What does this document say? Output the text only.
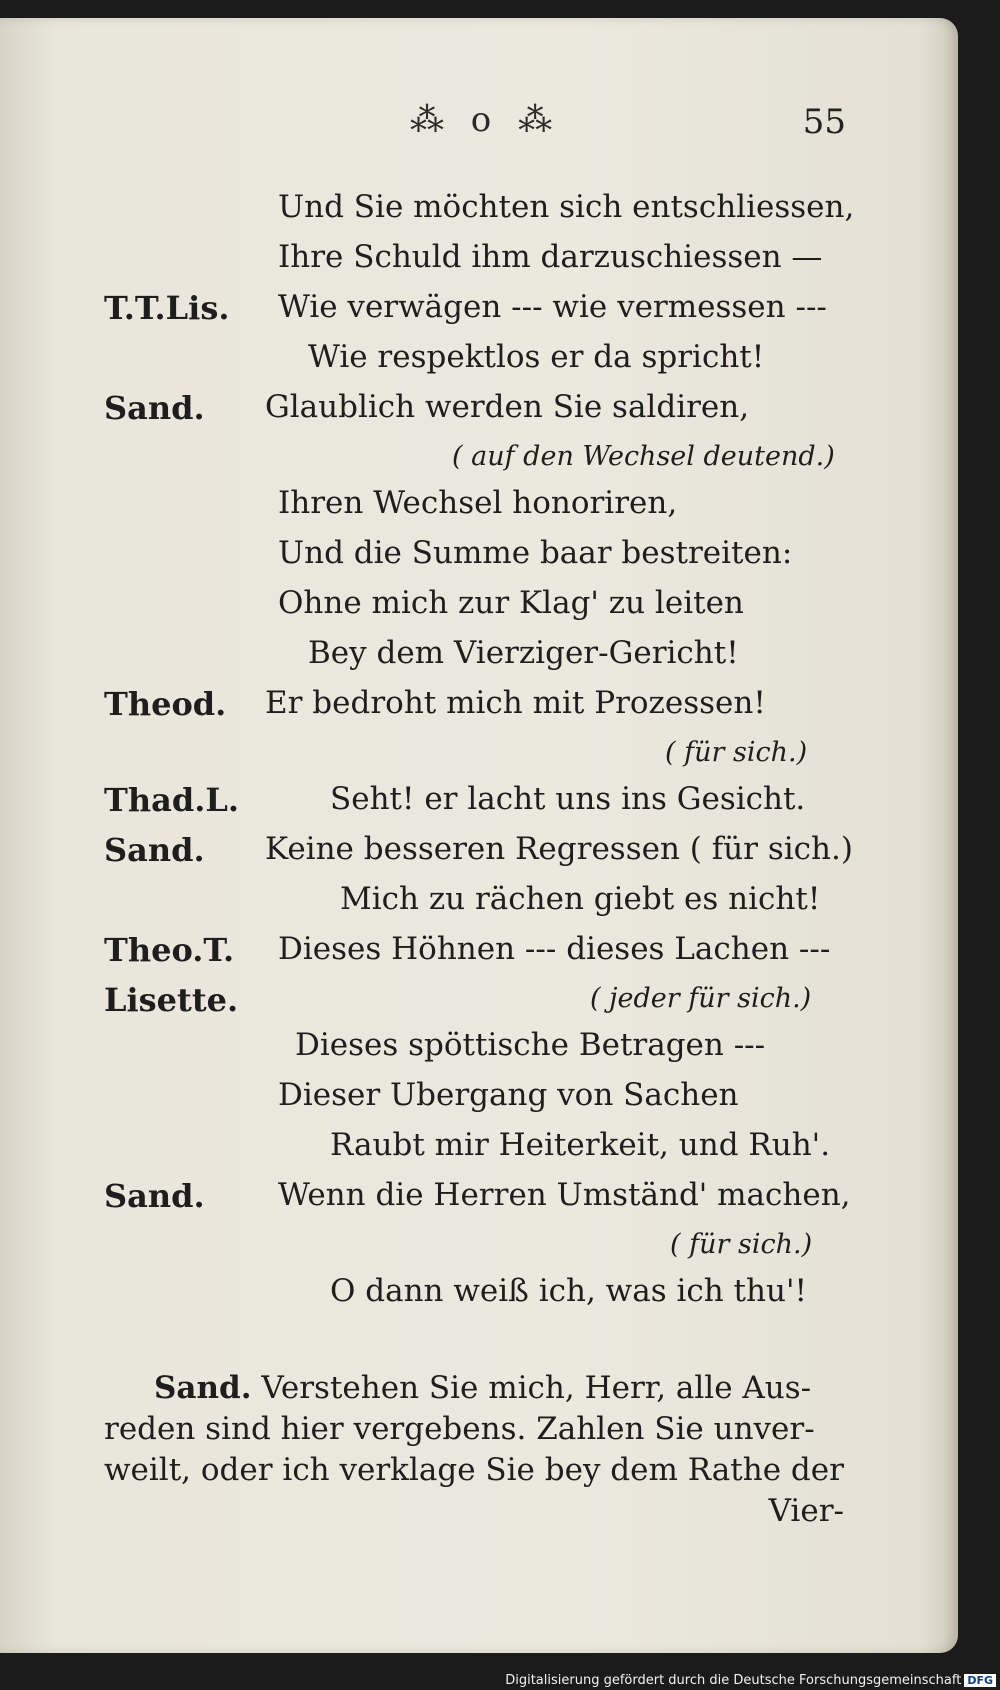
⁂ o ⁂	55
Und Sie möchten sich entschliessen,
Ihre Schuld ihm darzuschiessen —
T.T.Lis. Wie verwägen --- wie vermessen ---
Wie respektlos er da spricht!
Sand. Glaublich werden Sie saldiren,
( auf den Wechsel deutend.)
Ihren Wechsel honoriren,
Und die Summe baar bestreiten:
Ohne mich zur Klag' zu leiten
Bey dem Vierziger-Gericht!
Theod. Er bedroht mich mit Prozessen!
( für sich.)
Thad.L.	Seht! er lacht uns ins Gesicht.
Sand. Keine besseren Regressen ( für sich.)
Mich zu rächen giebt es nicht!
Theo.T. Dieses Höhnen --- dieses Lachen ---
Lisette.	( jeder für sich.)
Dieses spöttische Betragen ---
Dieser Ubergang von Sachen
Raubt mir Heiterkeit, und Ruh'.
Sand. Wenn die Herren Umständ' machen,
( für sich.)
O dann weiß ich, was ich thu'!
Sand. Verstehen Sie mich, Herr, alle Aus-
reden sind hier vergebens. Zahlen Sie unver-
weilt, oder ich verklage Sie bey dem Rathe der
Vier-
Digitalisierung gefördert durch die Deutsche Forschungsgemeinschaft DFG
